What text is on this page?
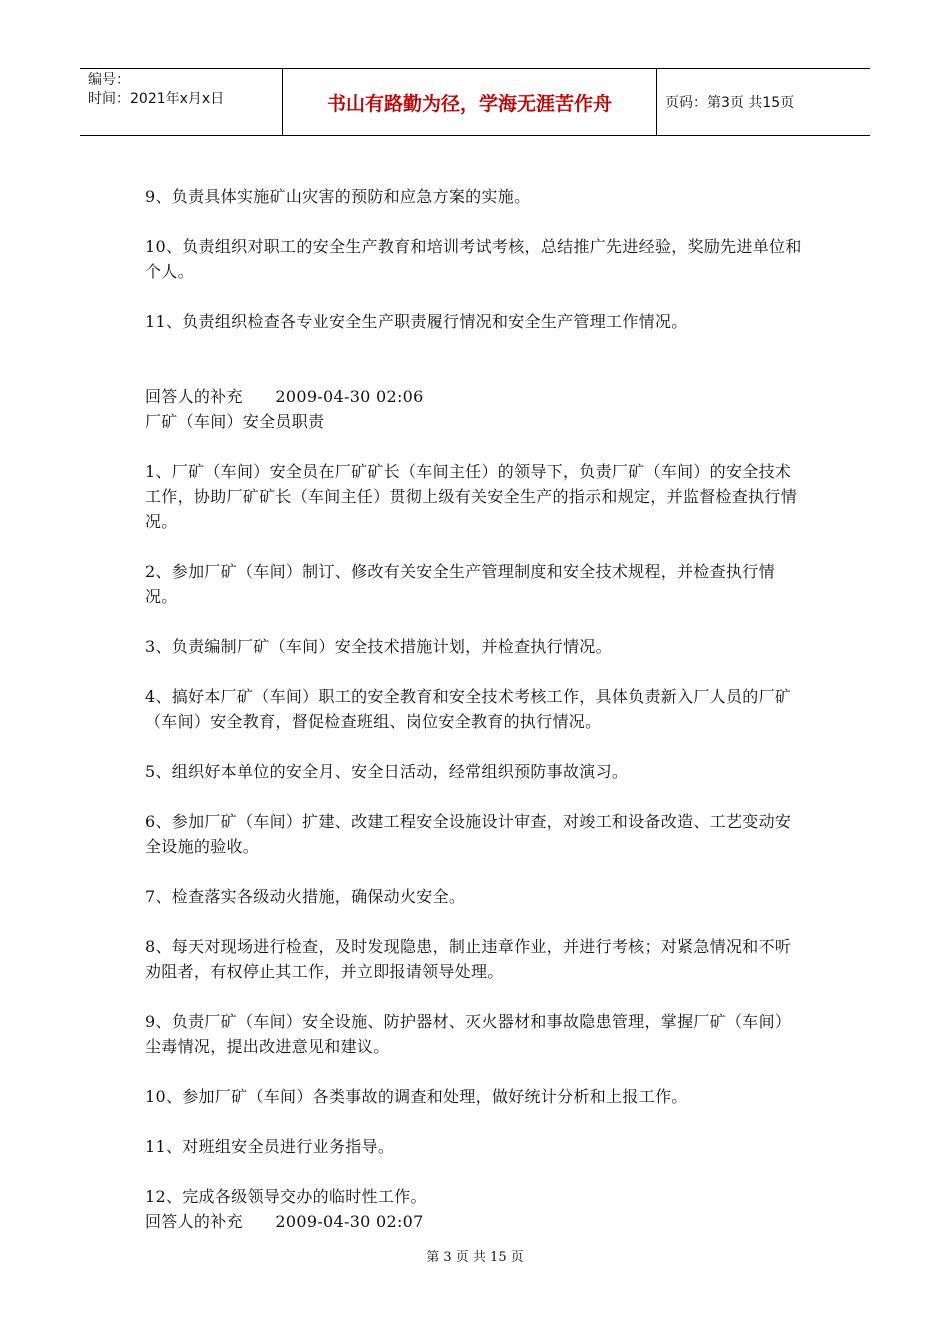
编号：
时间：2021年x月x日	书山有路勤为径，学海无涯苦作舟	页码：第3页 共15页

9、负责具体实施矿山灾害的预防和应急方案的实施。

10、负责组织对职工的安全生产教育和培训考试考核，总结推广先进经验，奖励先进单位和个人。

11、负责组织检查各专业安全生产职责履行情况和安全生产管理工作情况。

回答人的补充　　2009-04-30 02:06

厂矿（车间）安全员职责

1、厂矿（车间）安全员在厂矿矿长（车间主任）的领导下，负责厂矿（车间）的安全技术工作，协助厂矿矿长（车间主任）贯彻上级有关安全生产的指示和规定，并监督检查执行情况。

2、参加厂矿（车间）制订、修改有关安全生产管理制度和安全技术规程，并检查执行情况。

3、负责编制厂矿（车间）安全技术措施计划，并检查执行情况。

4、搞好本厂矿（车间）职工的安全教育和安全技术考核工作，具体负责新入厂人员的厂矿（车间）安全教育，督促检查班组、岗位安全教育的执行情况。

5、组织好本单位的安全月、安全日活动，经常组织预防事故演习。

6、参加厂矿（车间）扩建、改建工程安全设施设计审查，对竣工和设备改造、工艺变动安全设施的验收。

7、检查落实各级动火措施，确保动火安全。

8、每天对现场进行检查，及时发现隐患，制止违章作业，并进行考核；对紧急情况和不听劝阻者，有权停止其工作，并立即报请领导处理。

9、负责厂矿（车间）安全设施、防护器材、灭火器材和事故隐患管理，掌握厂矿（车间）尘毒情况，提出改进意见和建议。

10、参加厂矿（车间）各类事故的调查和处理，做好统计分析和上报工作。

11、对班组安全员进行业务指导。

12、完成各级领导交办的临时性工作。

回答人的补充　　2009-04-30 02:07

第 3 页 共 15 页
